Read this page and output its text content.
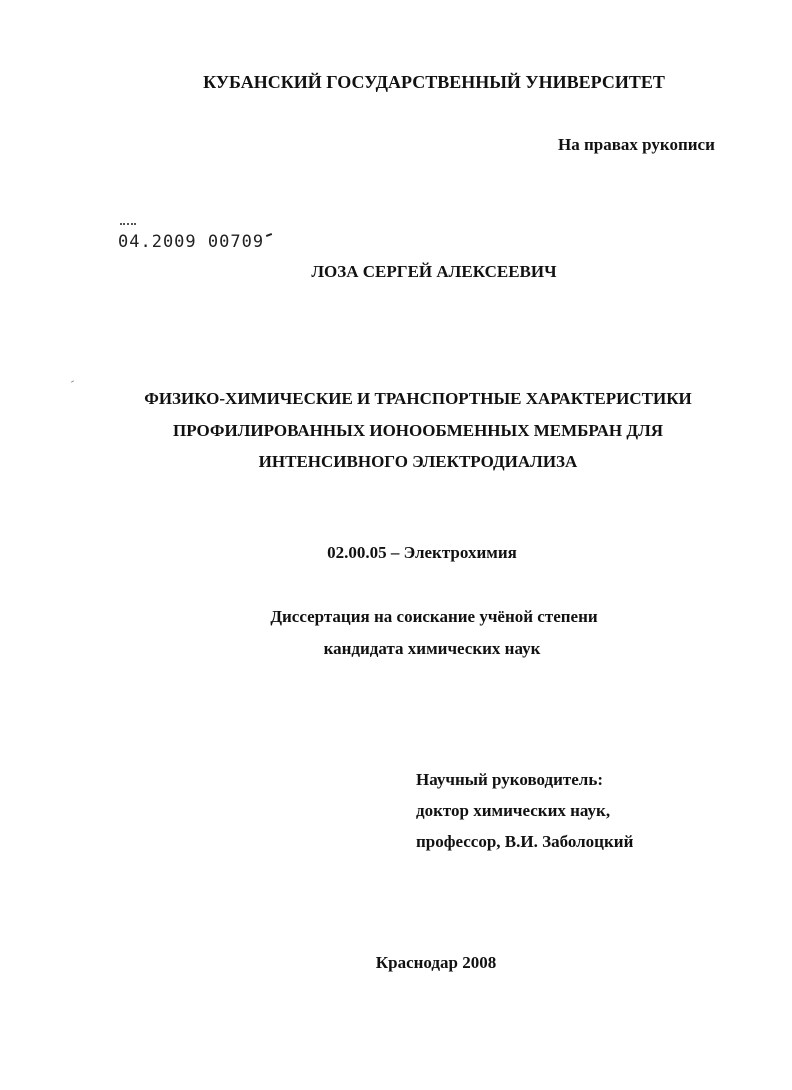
КУБАНСКИЙ ГОСУДАРСТВЕННЫЙ УНИВЕРСИТЕТ
На правах рукописи
04.2009 00709
ЛОЗА СЕРГЕЙ АЛЕКСЕЕВИЧ
ФИЗИКО-ХИМИЧЕСКИЕ И ТРАНСПОРТНЫЕ ХАРАКТЕРИСТИКИ
ПРОФИЛИРОВАННЫХ ИОНООБМЕННЫХ МЕМБРАН ДЛЯ
ИНТЕНСИВНОГО ЭЛЕКТРОДИАЛИЗА
02.00.05 – Электрохимия
Диссертация на соискание учёной степени
кандидата химических наук
Научный руководитель:
доктор химических наук,
профессор, В.И. Заболоцкий
Краснодар 2008
